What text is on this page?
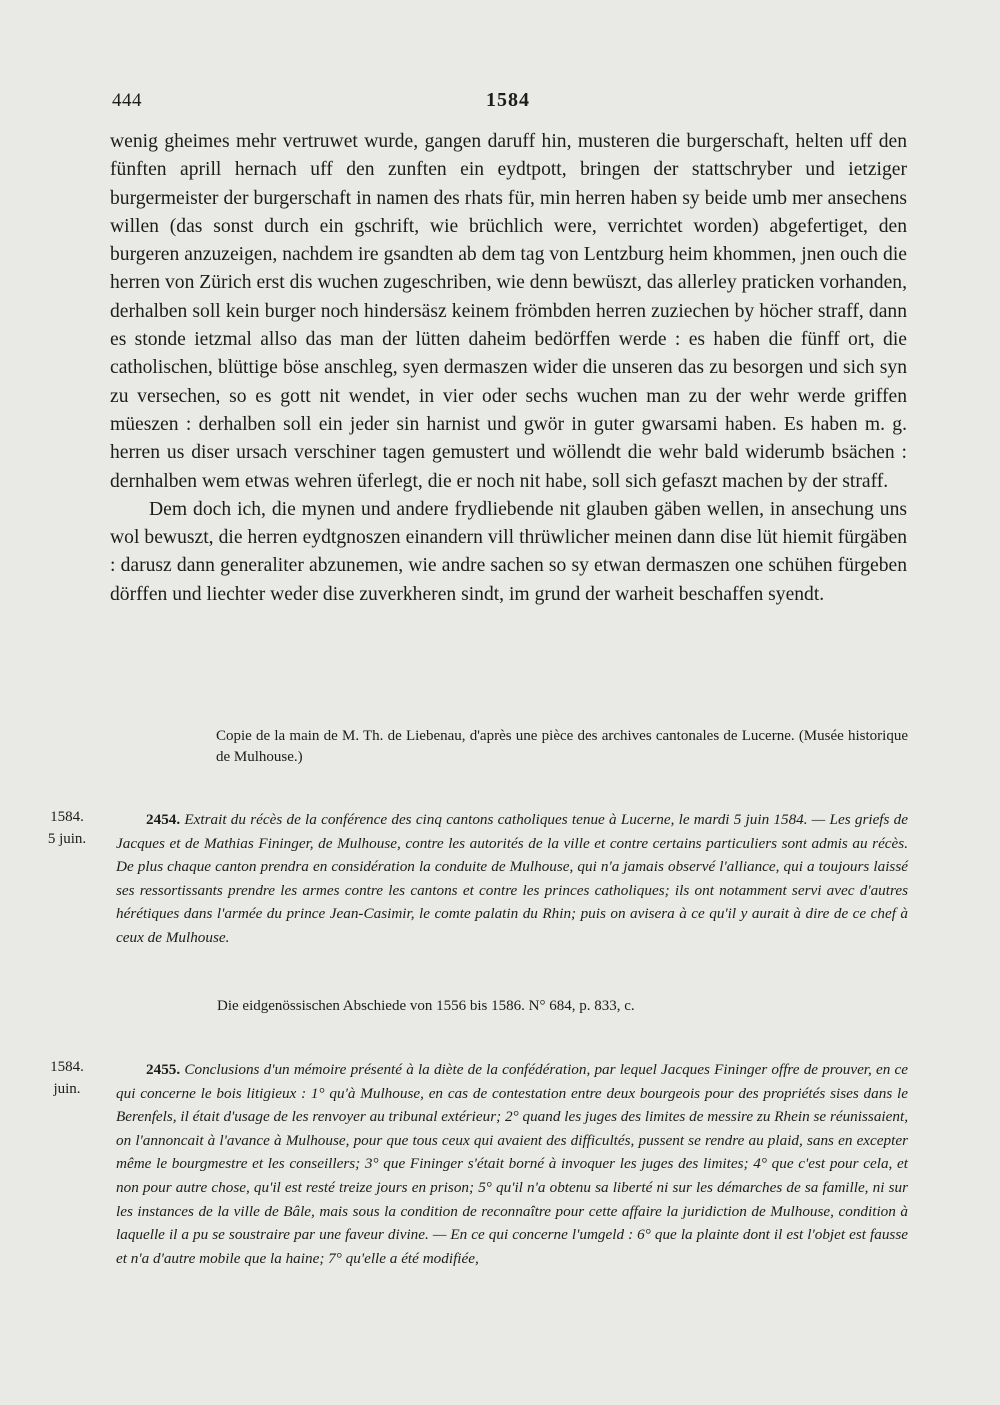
444	1584

wenig gheimes mehr vertruwet wurde, gangen daruff hin, musteren die burgerschaft, helten uff den fünften aprill hernach uff den zunften ein eydtpott, bringen der stattschryber und ietziger burgermeister der burgerschaft in namen des rhats für, min herren haben sy beide umb mer ansechens willen (das sonst durch ein gschrift, wie brüchlich were, verrichtet worden) abgefertiget, den burgeren anzuzeigen, nachdem ire gsandten ab dem tag von Lentzburg heim khommen, jnen ouch die herren von Zürich erst dis wuchen zugeschriben, wie denn bewüszt, das allerley praticken vorhanden, derhalben soll kein burger noch hindersäsz keinem frömbden herren zuziechen by höcher straff, dann es stonde ietzmal allso das man der lütten daheim bedörffen werde : es haben die fünff ort, die catholischen, blüttige böse anschleg, syen dermaszen wider die unseren das zu besorgen und sich syn zu versechen, so es gott nit wendet, in vier oder sechs wuchen man zu der wehr werde griffen müeszen : derhalben soll ein jeder sin harnist und gwör in guter gwarsami haben. Es haben m. g. herren us diser ursach verschiner tagen gemustert und wöllendt die wehr bald widerumb bsächen : dernhalben wem etwas wehren üferlegt, die er noch nit habe, soll sich gefaszt machen by der straff.

Dem doch ich, die mynen und andere frydliebende nit glauben gäben wellen, in ansechung uns wol bewuszt, die herren eydtgnoszen einandern vill thrüwlicher meinen dann dise lüt hiemit fürgäben : darusz dann generaliter abzunemen, wie andre sachen so sy etwan dermaszen one schühen fürgeben dörffen und liechter weder dise zuverkheren sindt, im grund der warheit beschaffen syendt.

Copie de la main de M. Th. de Liebenau, d'après une pièce des archives cantonales de Lucerne. (Musée historique de Mulhouse.)
1584.
5 juin.
2454. Extrait du récès de la conférence des cinq cantons catholiques tenue à Lucerne, le mardi 5 juin 1584. — Les griefs de Jacques et de Mathias Fininger, de Mulhouse, contre les autorités de la ville et contre certains particuliers sont admis au récès. De plus chaque canton prendra en considération la conduite de Mulhouse, qui n'a jamais observé l'alliance, qui a toujours laissé ses ressortissants prendre les armes contre les cantons et contre les princes catholiques; ils ont notamment servi avec d'autres hérétiques dans l'armée du prince Jean-Casimir, le comte palatin du Rhin; puis on avisera à ce qu'il y aurait à dire de ce chef à ceux de Mulhouse.
Die eidgenössischen Abschiede von 1556 bis 1586. N° 684, p. 833, c.
1584.
juin.
2455. Conclusions d'un mémoire présenté à la diète de la confédération, par lequel Jacques Fininger offre de prouver, en ce qui concerne le bois litigieux : 1° qu'à Mulhouse, en cas de contestation entre deux bourgeois pour des propriétés sises dans le Berenfels, il était d'usage de les renvoyer au tribunal extérieur; 2° quand les juges des limites de messire zu Rhein se réunissaient, on l'annoncait à l'avance à Mulhouse, pour que tous ceux qui avaient des difficultés, pussent se rendre au plaid, sans en excepter même le bourgmestre et les conseillers; 3° que Fininger s'était borné à invoquer les juges des limites; 4° que c'est pour cela, et non pour autre chose, qu'il est resté treize jours en prison; 5° qu'il n'a obtenu sa liberté ni sur les démarches de sa famille, ni sur les instances de la ville de Bâle, mais sous la condition de reconnaître pour cette affaire la juridiction de Mulhouse, condition à laquelle il a pu se soustraire par une faveur divine. — En ce qui concerne l'umgeld : 6° que la plainte dont il est l'objet est fausse et n'a d'autre mobile que la haine; 7° qu'elle a été modifiée,
